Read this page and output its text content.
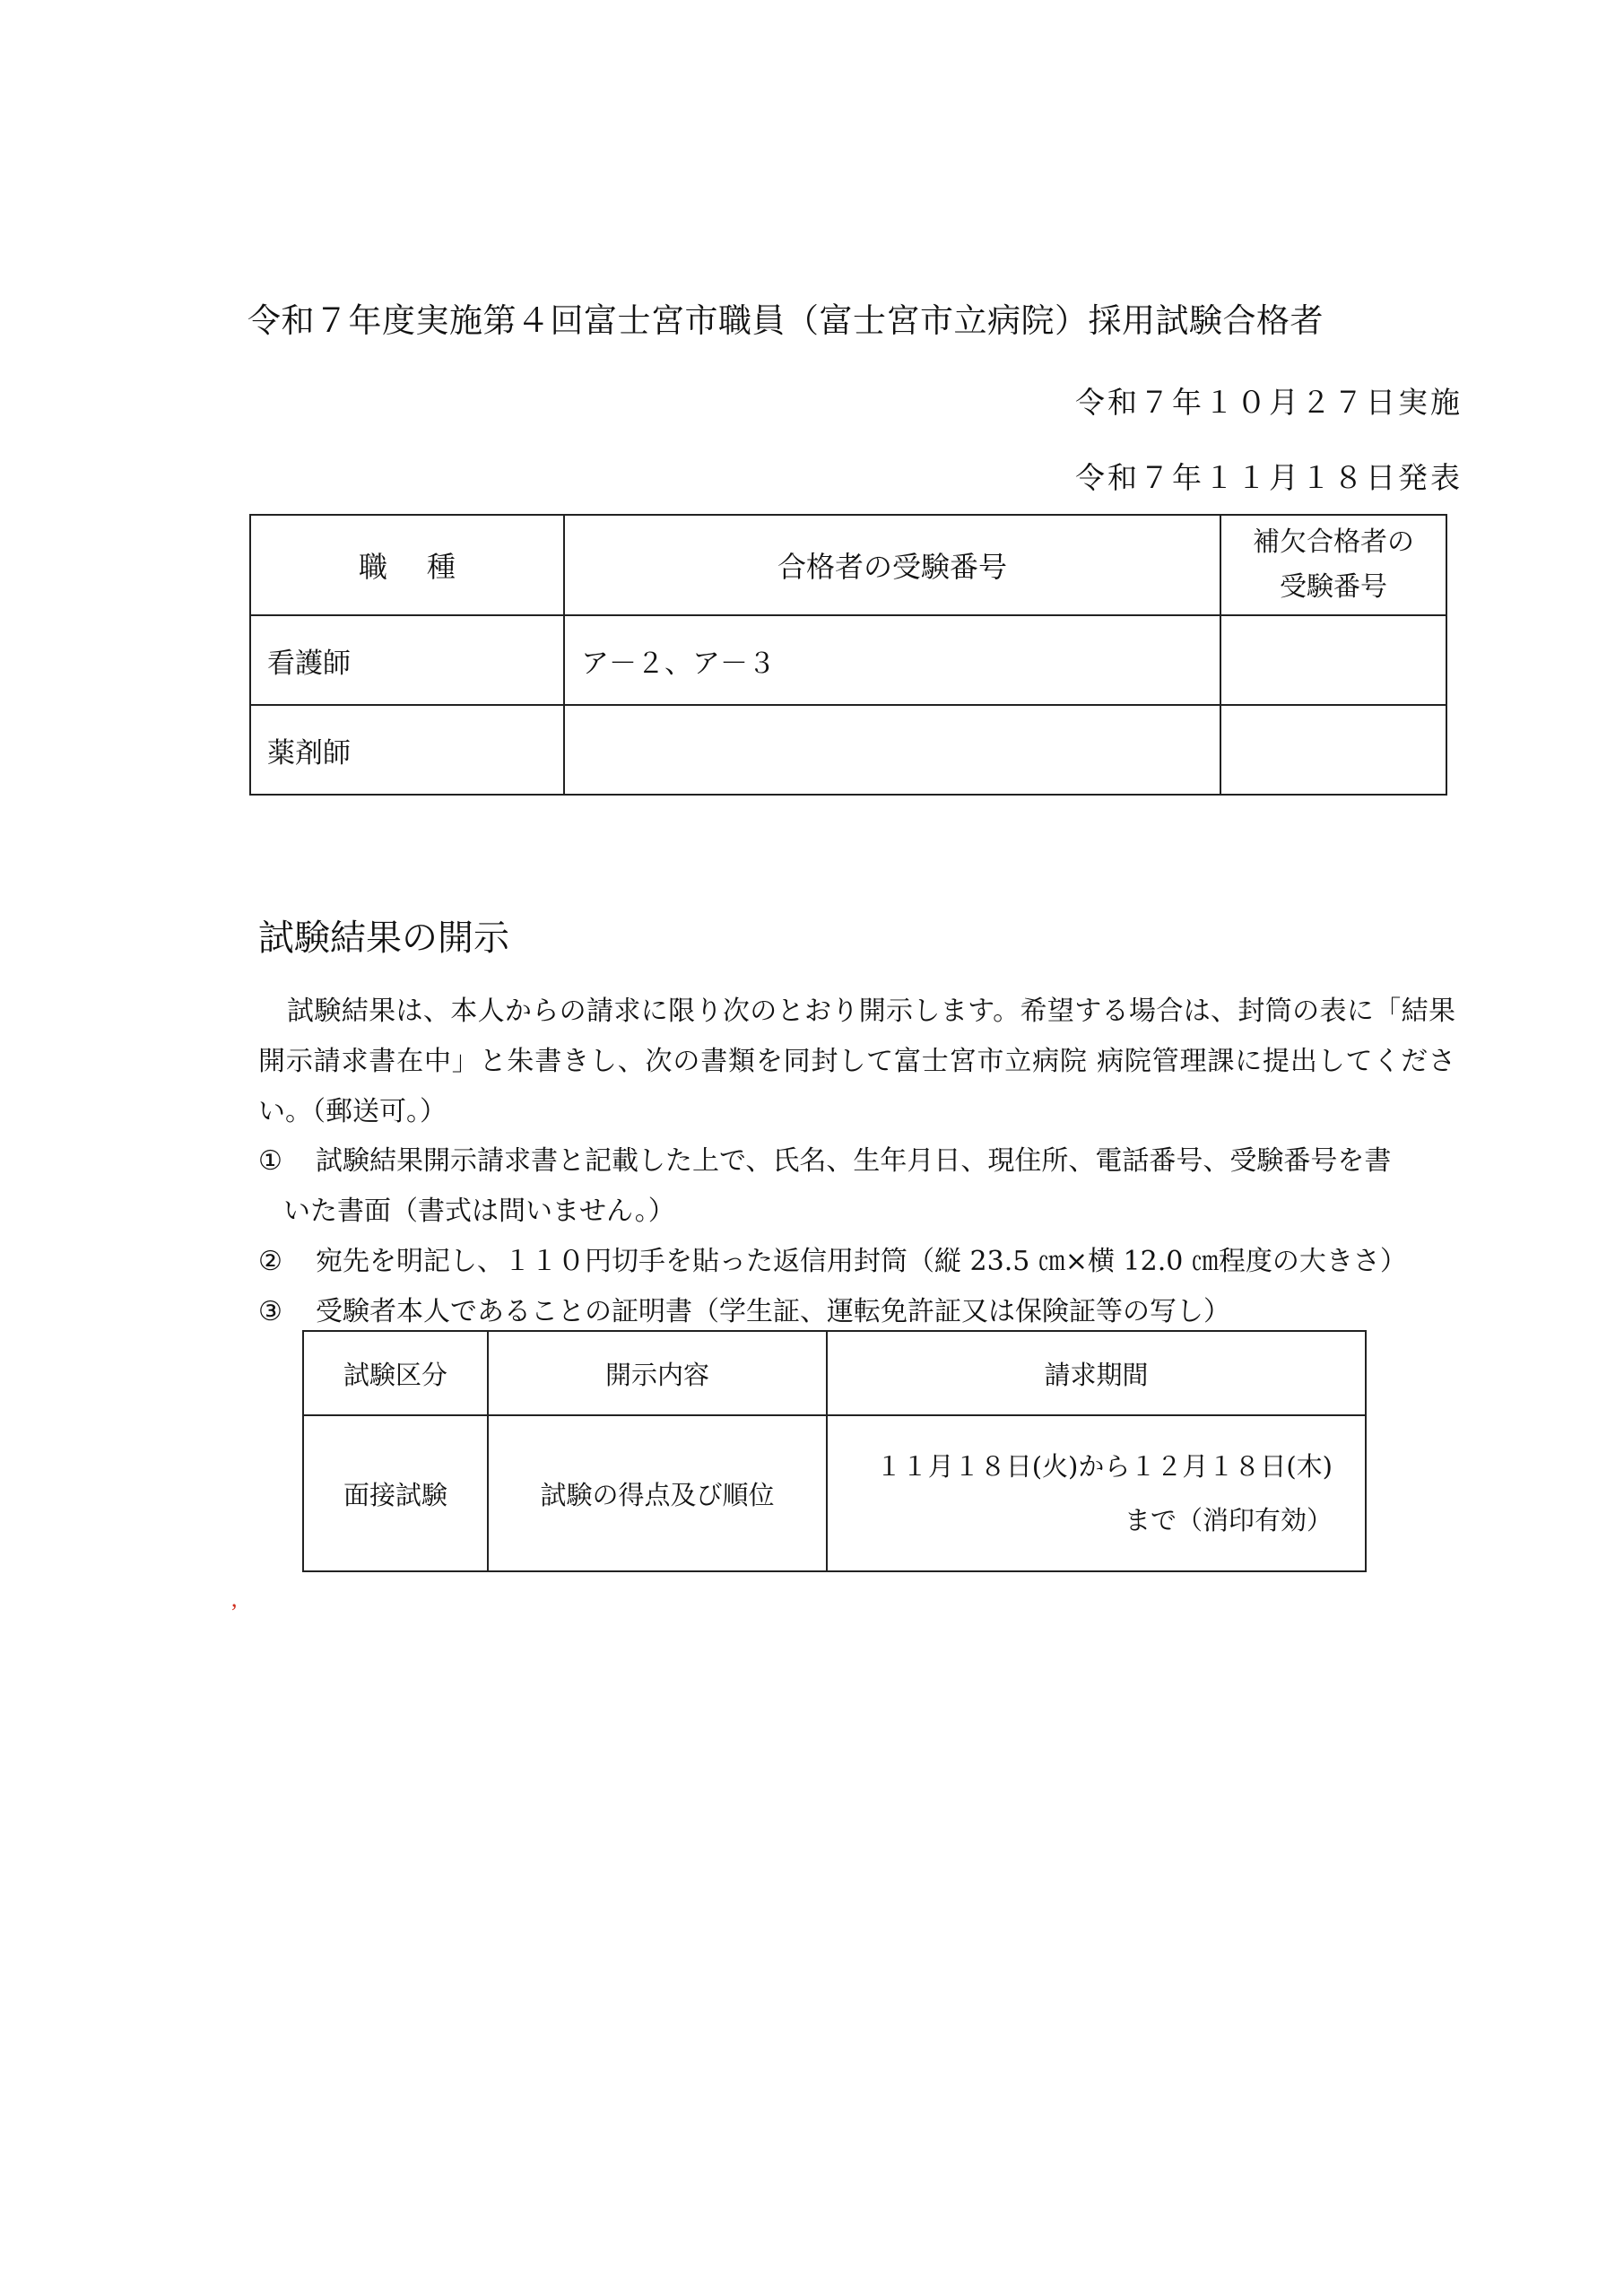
令和７年度実施第４回富士宮市職員（富士宮市立病院）採用試験合格者
令和７年１０月２７日実施
令和７年１１月１８日発表
職種	合格者の受験番号	補欠合格者の
受験番号

看護師	ア－２、ア－３	
薬剤師		
試験結果の開示
試験結果は、本人からの請求に限り次のとおり開示します。希望する場合は、封筒の表に「結果開示請求書在中」と朱書きし、次の書類を同封して富士宮市立病院 病院管理課に提出してください。（郵送可。）
①	試験結果開示請求書と記載した上で、氏名、生年月日、現住所、電話番号、受験番号を書
いた書面（書式は問いません。）
②	宛先を明記し、１１０円切手を貼った返信用封筒（縦 23.5 ㎝×横 12.0 ㎝程度の大きさ）
③	受験者本人であることの証明書（学生証、運転免許証又は保険証等の写し）
試験区分	開示内容	請求期間
面接試験	試験の得点及び順位	１１月１８日(火)から１２月１８日(木)
まで（消印有効）
,
